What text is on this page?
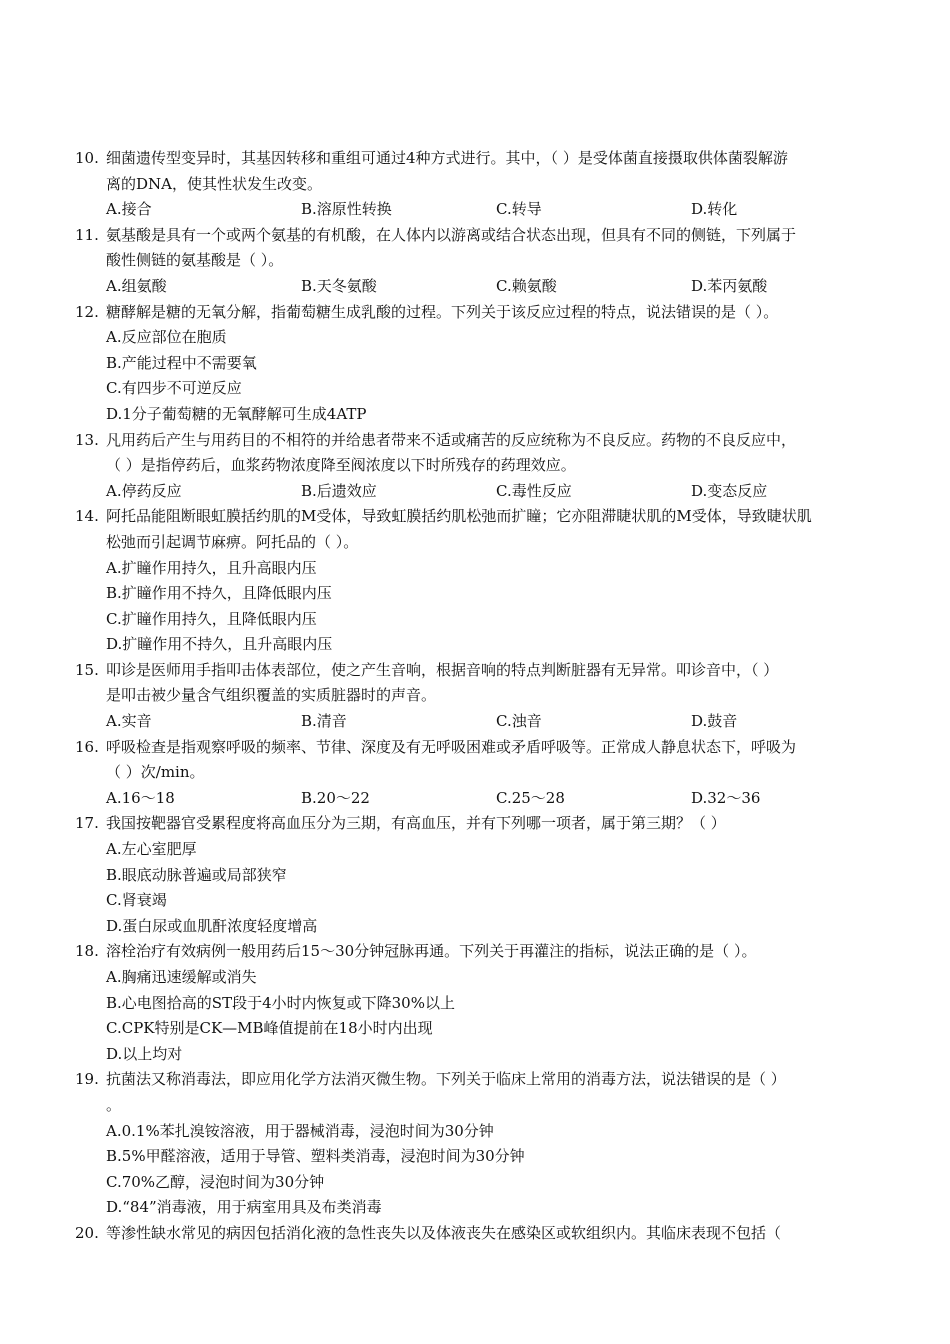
10. 细菌遗传型变异时，其基因转移和重组可通过4种方式进行。其中，（ ）是受体菌直接摄取供体菌裂解游
离的DNA，使其性状发生改变。
A.接合	B.溶原性转换	C.转导	D.转化
11. 氨基酸是具有一个或两个氨基的有机酸，在人体内以游离或结合状态出现，但具有不同的侧链，下列属于
酸性侧链的氨基酸是（ ）。
A.组氨酸	B.天冬氨酸	C.赖氨酸	D.苯丙氨酸
12. 糖酵解是糖的无氧分解，指葡萄糖生成乳酸的过程。下列关于该反应过程的特点，说法错误的是（ ）。
A.反应部位在胞质
B.产能过程中不需要氧
C.有四步不可逆反应
D.1分子葡萄糖的无氧酵解可生成4ATP
13. 凡用药后产生与用药目的不相符的并给患者带来不适或痛苦的反应统称为不良反应。药物的不良反应中，
（ ）是指停药后，血浆药物浓度降至阀浓度以下时所残存的药理效应。
A.停药反应	B.后遗效应	C.毒性反应	D.变态反应
14. 阿托品能阻断眼虹膜括约肌的M受体，导致虹膜括约肌松弛而扩瞳；它亦阻滞睫状肌的M受体，导致睫状肌
松弛而引起调节麻痹。阿托品的（ ）。
A.扩瞳作用持久，且升高眼内压
B.扩瞳作用不持久，且降低眼内压
C.扩瞳作用持久，且降低眼内压
D.扩瞳作用不持久，且升高眼内压
15. 叩诊是医师用手指叩击体表部位，使之产生音响，根据音响的特点判断脏器有无异常。叩诊音中，（ ）
是叩击被少量含气组织覆盖的实质脏器时的声音。
A.实音	B.清音	C.浊音	D.鼓音
16. 呼吸检查是指观察呼吸的频率、节律、深度及有无呼吸困难或矛盾呼吸等。正常成人静息状态下，呼吸为
（ ）次/min。
A.16～18	B.20～22	C.25～28	D.32～36
17. 我国按靶器官受累程度将高血压分为三期，有高血压，并有下列哪一项者，属于第三期？（ ）
A.左心室肥厚
B.眼底动脉普遍或局部狭窄
C.肾衰竭
D.蛋白尿或血肌酐浓度轻度增高
18. 溶栓治疗有效病例一般用药后15～30分钟冠脉再通。下列关于再灌注的指标，说法正确的是（ ）。
A.胸痛迅速缓解或消失
B.心电图拾高的ST段于4小时内恢复或下降30%以上
C.CPK特别是CK—MB峰值提前在18小时内出现
D.以上均对
19. 抗菌法又称消毒法，即应用化学方法消灭微生物。下列关于临床上常用的消毒方法，说法错误的是（ ）
。
A.0.1%苯扎溴铵溶液，用于器械消毒，浸泡时间为30分钟
B.5%甲醛溶液，适用于导管、塑料类消毒，浸泡时间为30分钟
C.70%乙醇，浸泡时间为30分钟
D.“84”消毒液，用于病室用具及布类消毒
20. 等渗性缺水常见的病因包括消化液的急性丧失以及体液丧失在感染区或软组织内。其临床表现不包括（
